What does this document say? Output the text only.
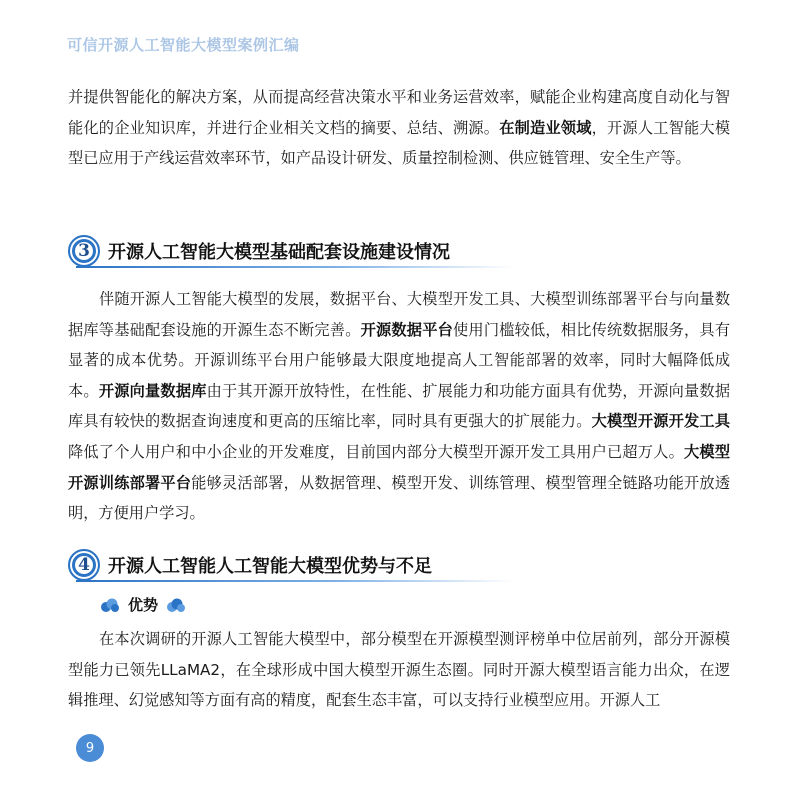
可信开源人工智能大模型案例汇编

并提供智能化的解决方案，从而提高经营决策水平和业务运营效率，赋能企业构建高度自动化与智能化的企业知识库，并进行企业相关文档的摘要、总结、溯源。在制造业领域，开源人工智能大模型已应用于产线运营效率环节，如产品设计研发、质量控制检测、供应链管理、安全生产等。

3 开源人工智能大模型基础配套设施建设情况

伴随开源人工智能大模型的发展，数据平台、大模型开发工具、大模型训练部署平台与向量数据库等基础配套设施的开源生态不断完善。开源数据平台使用门槛较低，相比传统数据服务，具有显著的成本优势。开源训练平台用户能够最大限度地提高人工智能部署的效率，同时大幅降低成本。开源向量数据库由于其开源开放特性，在性能、扩展能力和功能方面具有优势，开源向量数据库具有较快的数据查询速度和更高的压缩比率，同时具有更强大的扩展能力。大模型开源开发工具降低了个人用户和中小企业的开发难度，目前国内部分大模型开源开发工具用户已超万人。大模型开源训练部署平台能够灵活部署，从数据管理、模型开发、训练管理、模型管理全链路功能开放透明，方便用户学习。

4 开源人工智能人工智能大模型优势与不足
优势

在本次调研的开源人工智能大模型中，部分模型在开源模型测评榜单中位居前列，部分开源模型能力已领先LLaMA2，在全球形成中国大模型开源生态圈。同时开源大模型语言能力出众，在逻辑推理、幻觉感知等方面有高的精度，配套生态丰富，可以支持行业模型应用。开源人工

9
